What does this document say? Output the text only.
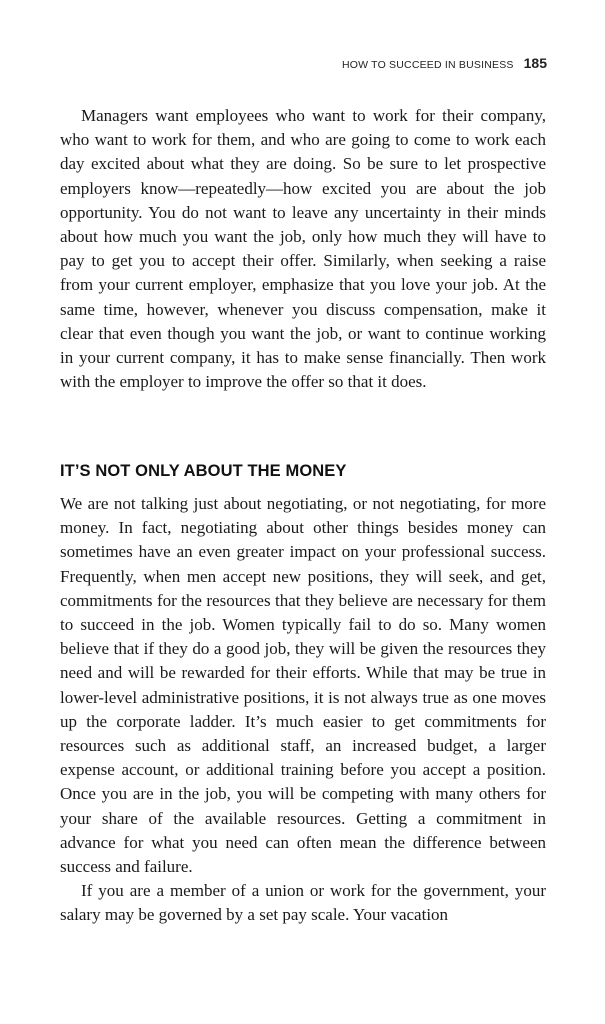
HOW TO SUCCEED IN BUSINESS 185

Managers want employees who want to work for their company, who want to work for them, and who are going to come to work each day excited about what they are doing. So be sure to let prospective employers know—repeatedly—how excited you are about the job opportunity. You do not want to leave any uncertainty in their minds about how much you want the job, only how much they will have to pay to get you to accept their offer. Similarly, when seeking a raise from your current employer, emphasize that you love your job. At the same time, however, whenever you discuss compensation, make it clear that even though you want the job, or want to continue working in your current company, it has to make sense financially. Then work with the employer to improve the offer so that it does.

IT’S NOT ONLY ABOUT THE MONEY

We are not talking just about negotiating, or not negotiating, for more money. In fact, negotiating about other things besides money can sometimes have an even greater impact on your professional success. Frequently, when men accept new positions, they will seek, and get, commitments for the resources that they believe are necessary for them to succeed in the job. Women typically fail to do so. Many women believe that if they do a good job, they will be given the resources they need and will be rewarded for their efforts. While that may be true in lower-level administrative positions, it is not always true as one moves up the corporate ladder. It’s much easier to get commitments for resources such as additional staff, an increased budget, a larger expense account, or additional training before you accept a position. Once you are in the job, you will be competing with many others for your share of the available resources. Getting a commitment in advance for what you need can often mean the difference between success and failure.

If you are a member of a union or work for the government, your salary may be governed by a set pay scale. Your vacation
